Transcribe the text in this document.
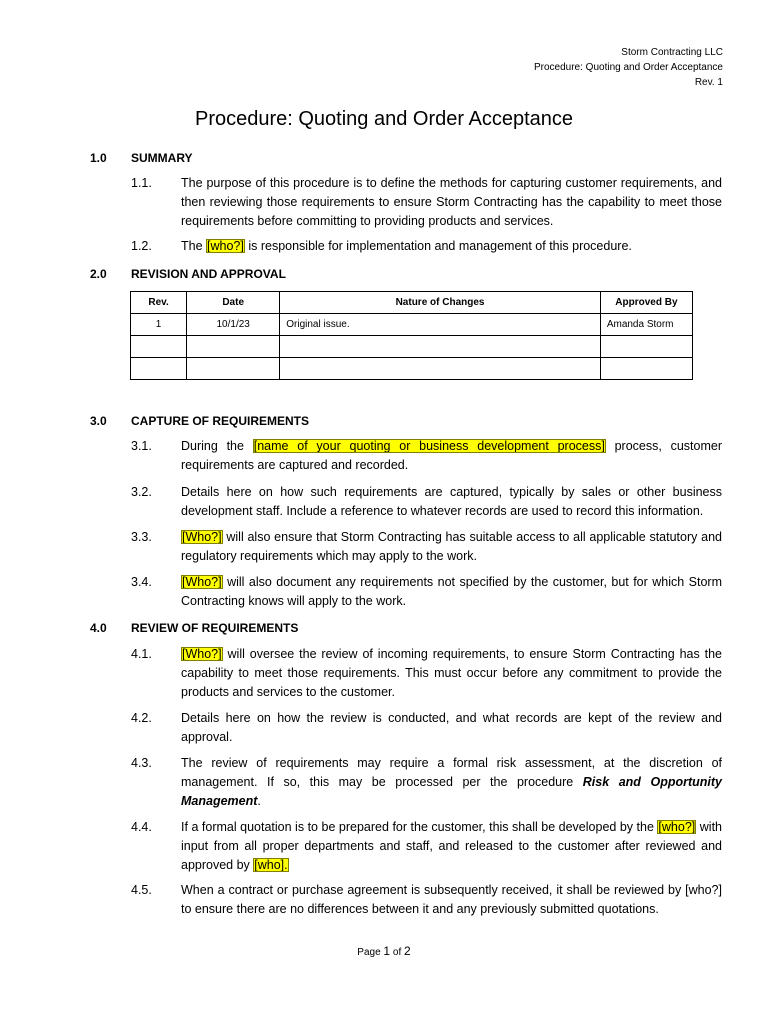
Storm Contracting LLC
Procedure: Quoting and Order Acceptance
Rev. 1
Procedure: Quoting and Order Acceptance
1.0 SUMMARY
1.1. The purpose of this procedure is to define the methods for capturing customer requirements, and then reviewing those requirements to ensure Storm Contracting has the capability to meet those requirements before committing to providing products and services.
1.2. The [who?] is responsible for implementation and management of this procedure.
2.0 REVISION AND APPROVAL
Rev.	Date	Nature of Changes	Approved By
1	10/1/23	Original issue.	Amanda Storm

3.0 CAPTURE OF REQUIREMENTS
3.1. During the [name of your quoting or business development process] process, customer requirements are captured and recorded.
3.2. Details here on how such requirements are captured, typically by sales or other business development staff. Include a reference to whatever records are used to record this information.
3.3. [Who?] will also ensure that Storm Contracting has suitable access to all applicable statutory and regulatory requirements which may apply to the work.
3.4. [Who?] will also document any requirements not specified by the customer, but for which Storm Contracting knows will apply to the work.
4.0 REVIEW OF REQUIREMENTS
4.1. [Who?] will oversee the review of incoming requirements, to ensure Storm Contracting has the capability to meet those requirements. This must occur before any commitment to provide the products and services to the customer.
4.2. Details here on how the review is conducted, and what records are kept of the review and approval.
4.3. The review of requirements may require a formal risk assessment, at the discretion of management. If so, this may be processed per the procedure Risk and Opportunity Management.
4.4. If a formal quotation is to be prepared for the customer, this shall be developed by the [who?] with input from all proper departments and staff, and released to the customer after reviewed and approved by [who].
4.5. When a contract or purchase agreement is subsequently received, it shall be reviewed by [who?] to ensure there are no differences between it and any previously submitted quotations.
Page 1 of 2
